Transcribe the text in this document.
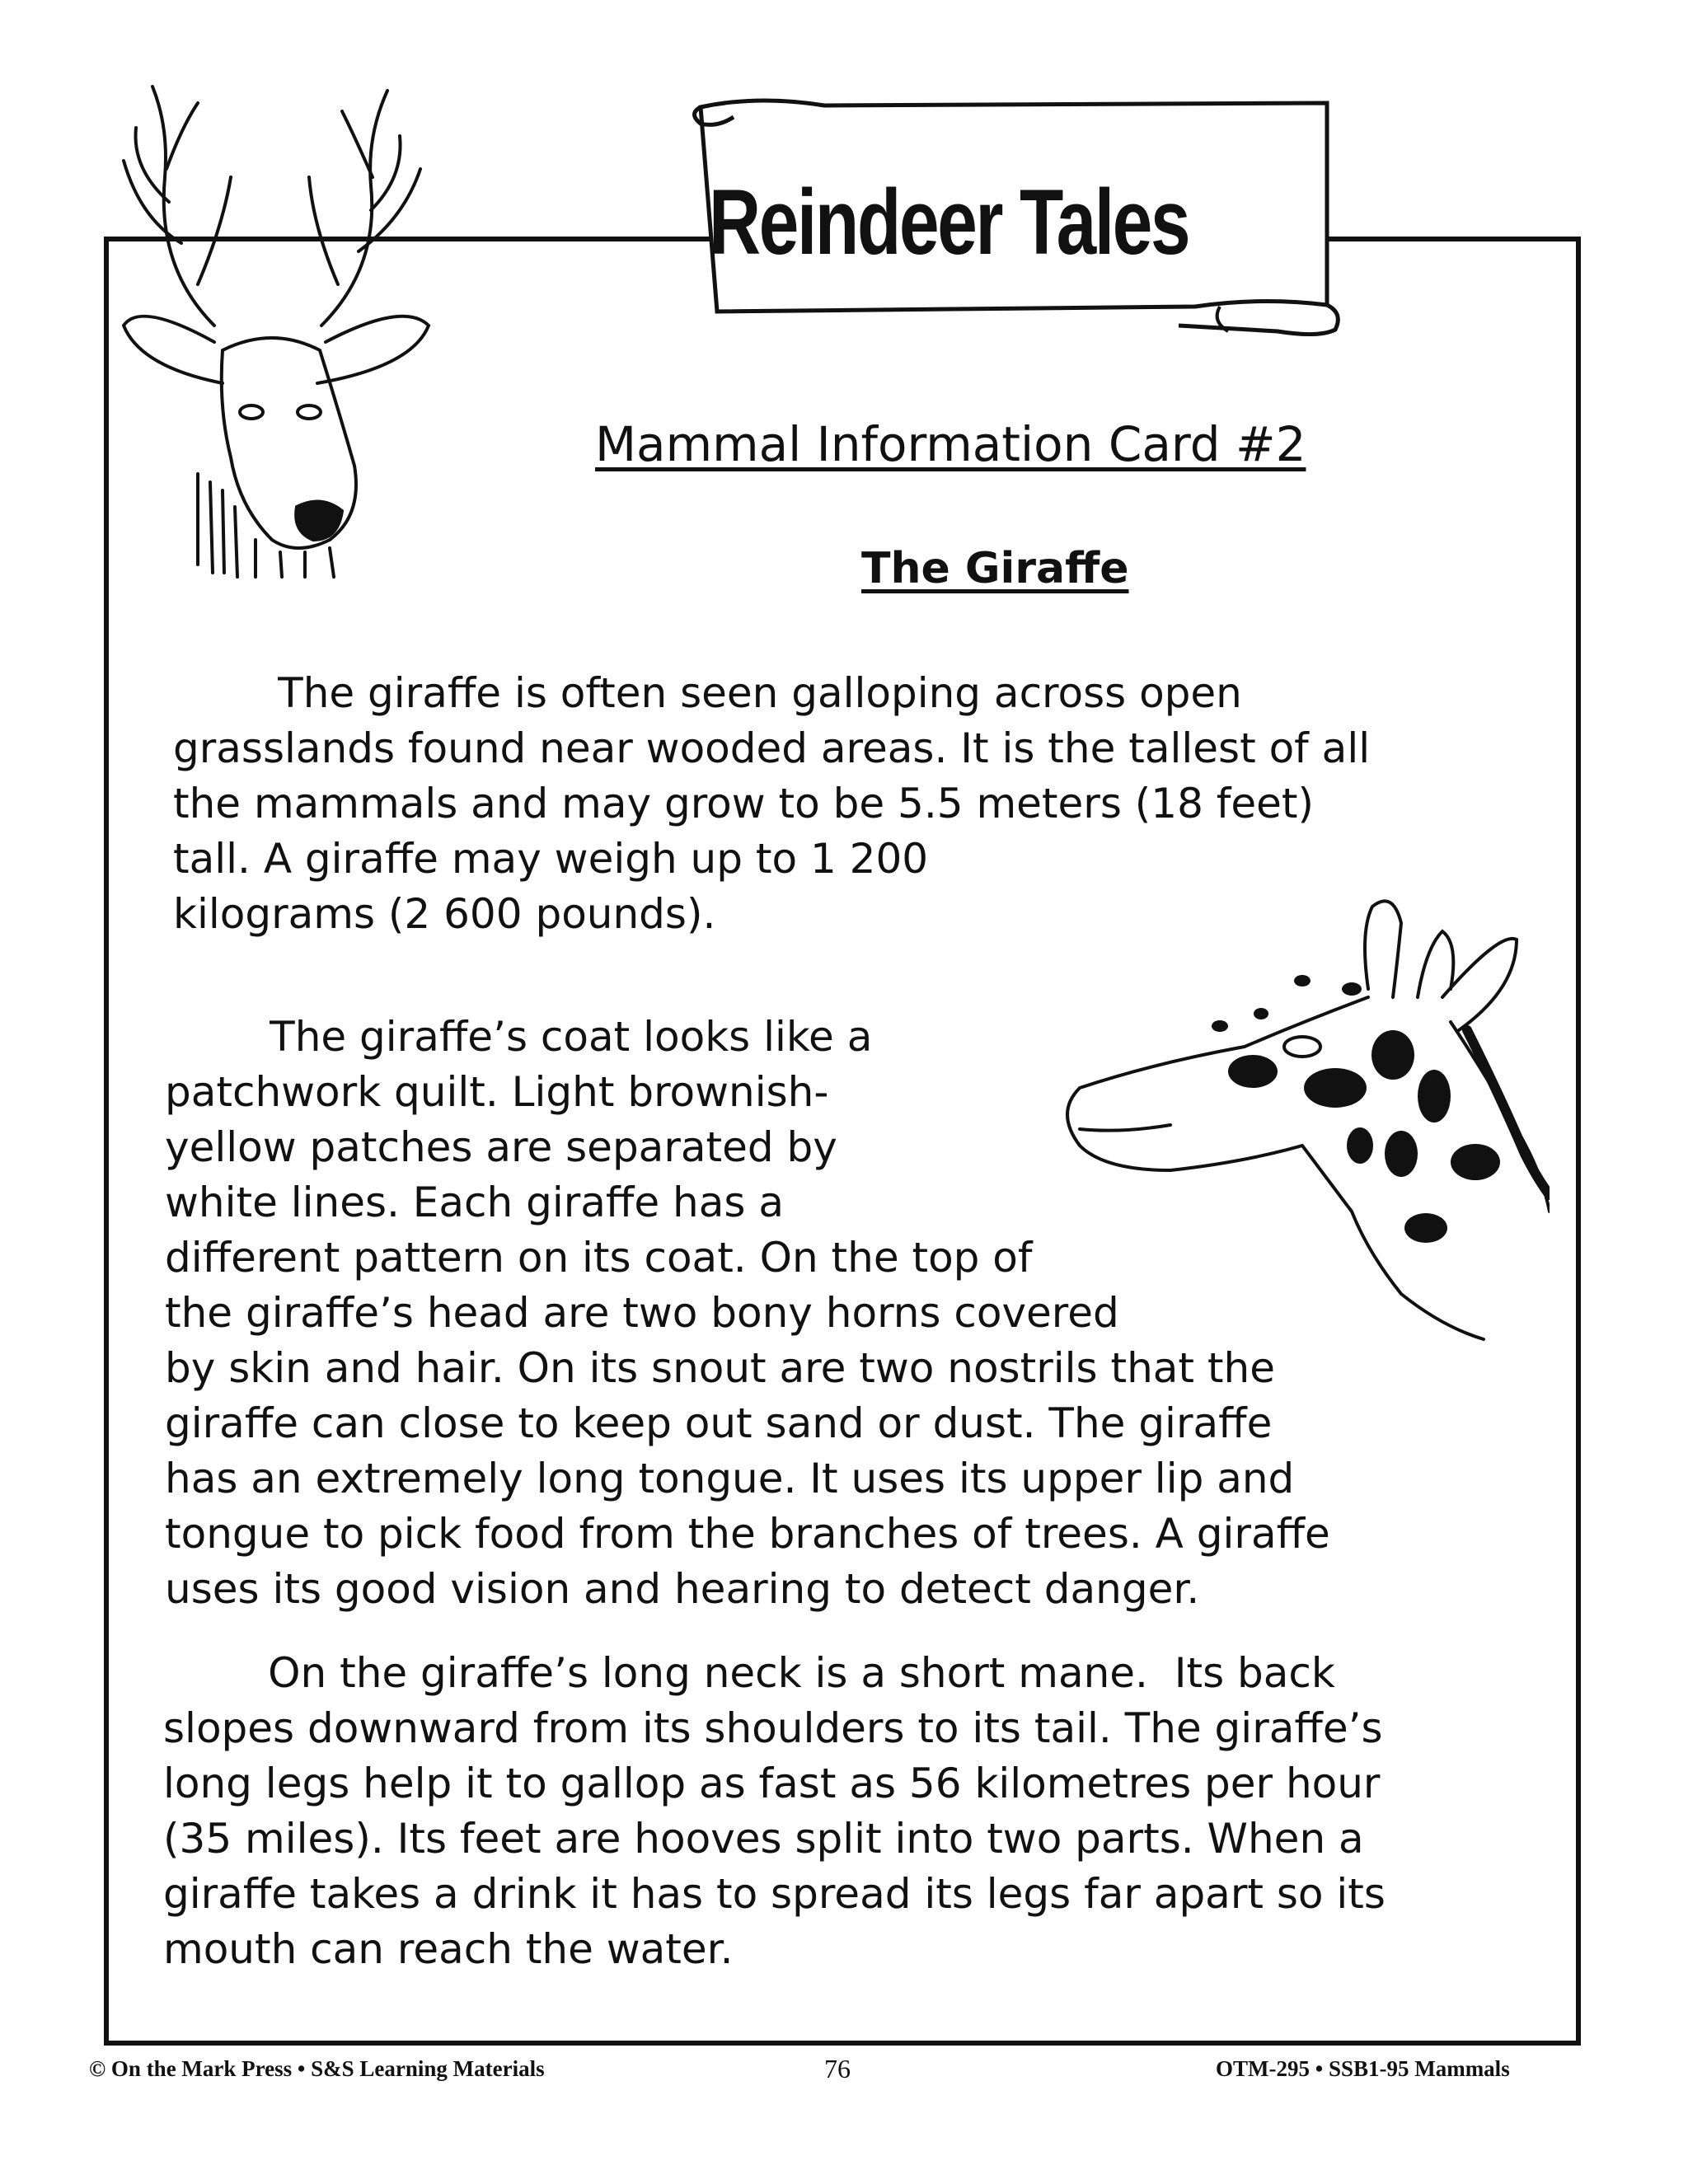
Reindeer Tales
Mammal Information Card #2
The Giraffe
The giraffe is often seen galloping across open
grasslands found near wooded areas. It is the tallest of all
the mammals and may grow to be 5.5 meters (18 feet)
tall. A giraffe may weigh up to 1 200
kilograms (2 600 pounds).
The giraffe’s coat looks like a
patchwork quilt. Light brownish-
yellow patches are separated by
white lines. Each giraffe has a
different pattern on its coat. On the top of
the giraffe’s head are two bony horns covered
by skin and hair. On its snout are two nostrils that the
giraffe can close to keep out sand or dust. The giraffe
has an extremely long tongue. It uses its upper lip and
tongue to pick food from the branches of trees. A giraffe
uses its good vision and hearing to detect danger.
On the giraffe’s long neck is a short mane.  Its back
slopes downward from its shoulders to its tail. The giraffe’s
long legs help it to gallop as fast as 56 kilometres per hour
(35 miles). Its feet are hooves split into two parts. When a
giraffe takes a drink it has to spread its legs far apart so its
mouth can reach the water.
© On the Mark Press • S&S Learning Materials	76	OTM-295 • SSB1-95 Mammals
